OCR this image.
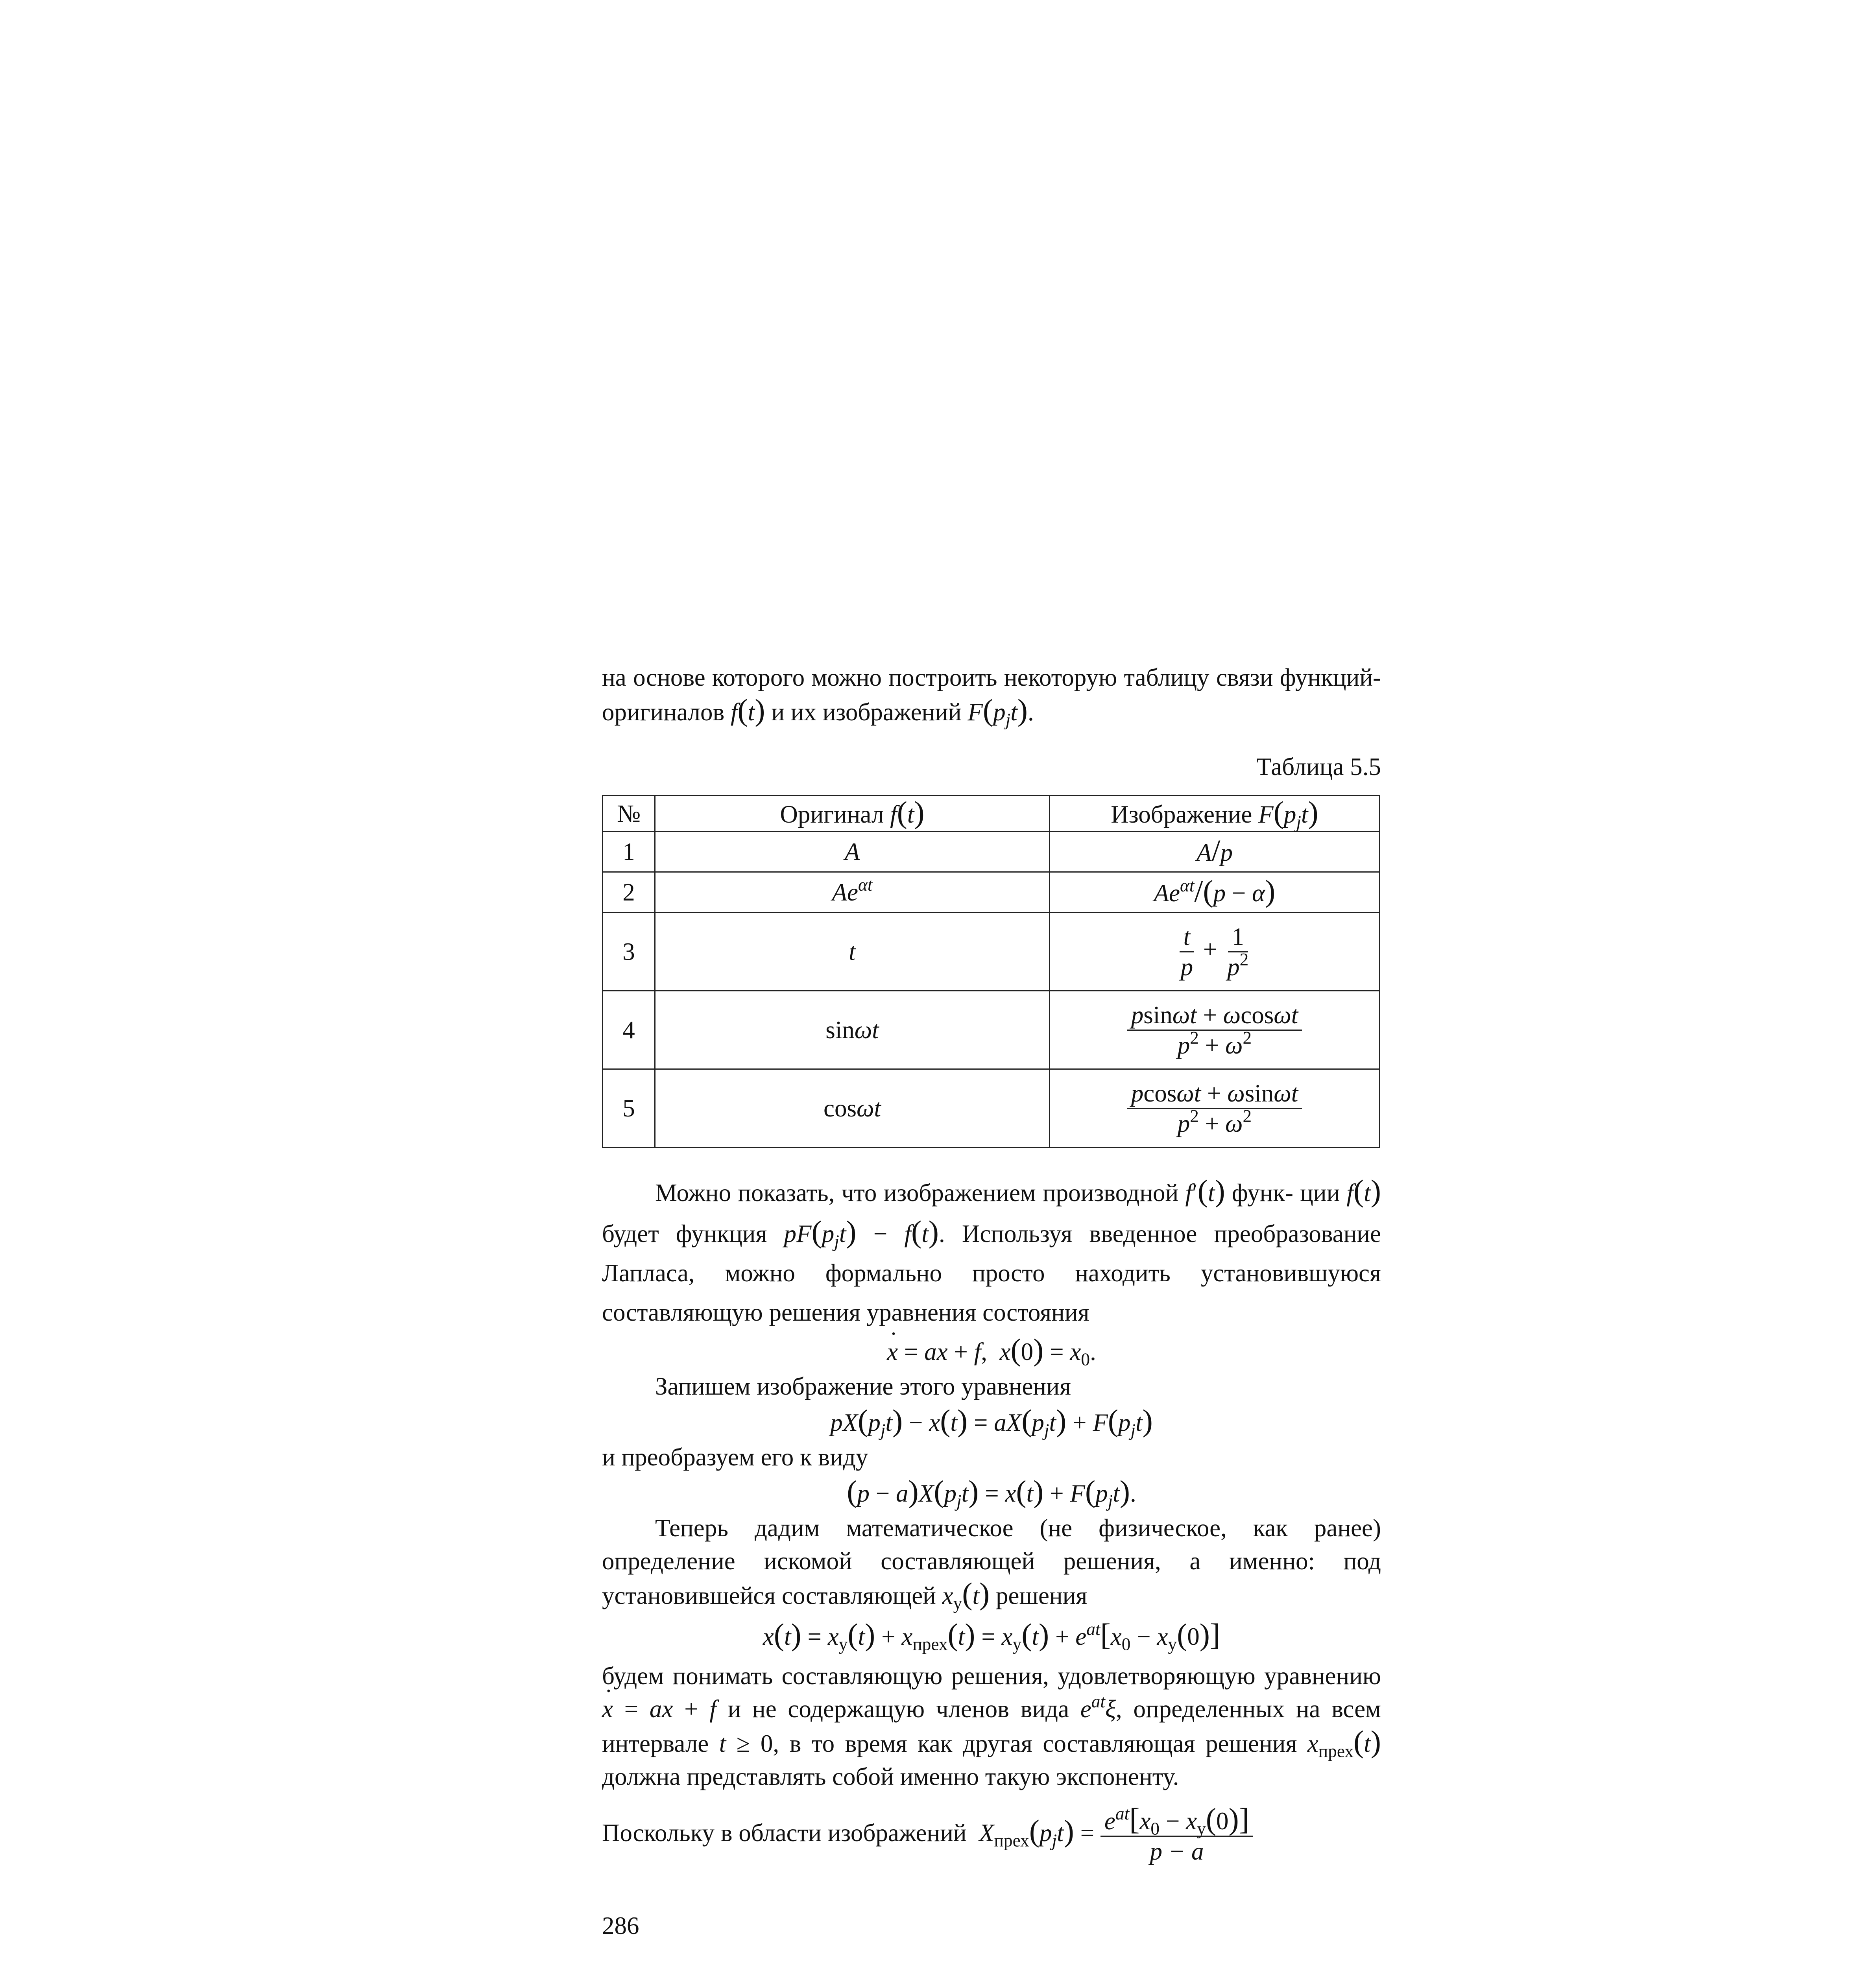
на основе которого можно построить некоторую таблицу связи функций-оригиналов f(t) и их изображений $F(p_jt)$.

Таблица 5.5

№	Оригинал f(t)	Изображение $F(p_jt)$
1	A	A/p
2	$Ae^{\alpha t}$	$Ae^{\alpha t}/(p - \alpha)$
3	t	$\frac{t}{p} + \frac{1}{p^2}$

4	sinωt	$\frac{psin\omega t + \omega\cos\omega t}{p^2 + \omega^2}$

5	cosωt	$\frac{pcos\omega t + \omega\sin\omega t}{p^2 + \omega^2}$

Можно показать, что изображением производной f′(t) функ- ции f(t) будет функция $pF(p_jt) - f(t)$. Используя введенное преобразование Лапласа, можно формально просто находить установившуюся составляющую решения уравнения состояния

˙ x = ax + f,  $x(0) = x_0$.

Запишем изображение этого уравнения

$pX(p_jt) - x(t) = aX(p_jt) + F(p_jt)$

и преобразуем его к виду

$(p - a)X(p_jt) = x(t) + F(p_jt)$.

Теперь дадим математическое (не физическое, как ранее) определение искомой составляющей решения, а именно: под установившейся составляющей $x_у(t)$ решения

$x(t) = x_у(t) + x_{прех}(t) = x_у(t) + e^{at}[x_0 - x_у(0)]$

будем понимать составляющую решения, удовлетворяющую уравнению ˙ x = ax + f и не содержащую членов вида $e^{at}\xi$, определенных на всем интервале t ≥ 0, в то время как другая составляющая решения $x_{прех}(t)$ должна представлять собой именно такую экспоненту.

Поскольку в области изображений $X_{прех}(p_jt) = \frac{e^{at}[x_0 - x_у(0)]}{p - a}$

286
